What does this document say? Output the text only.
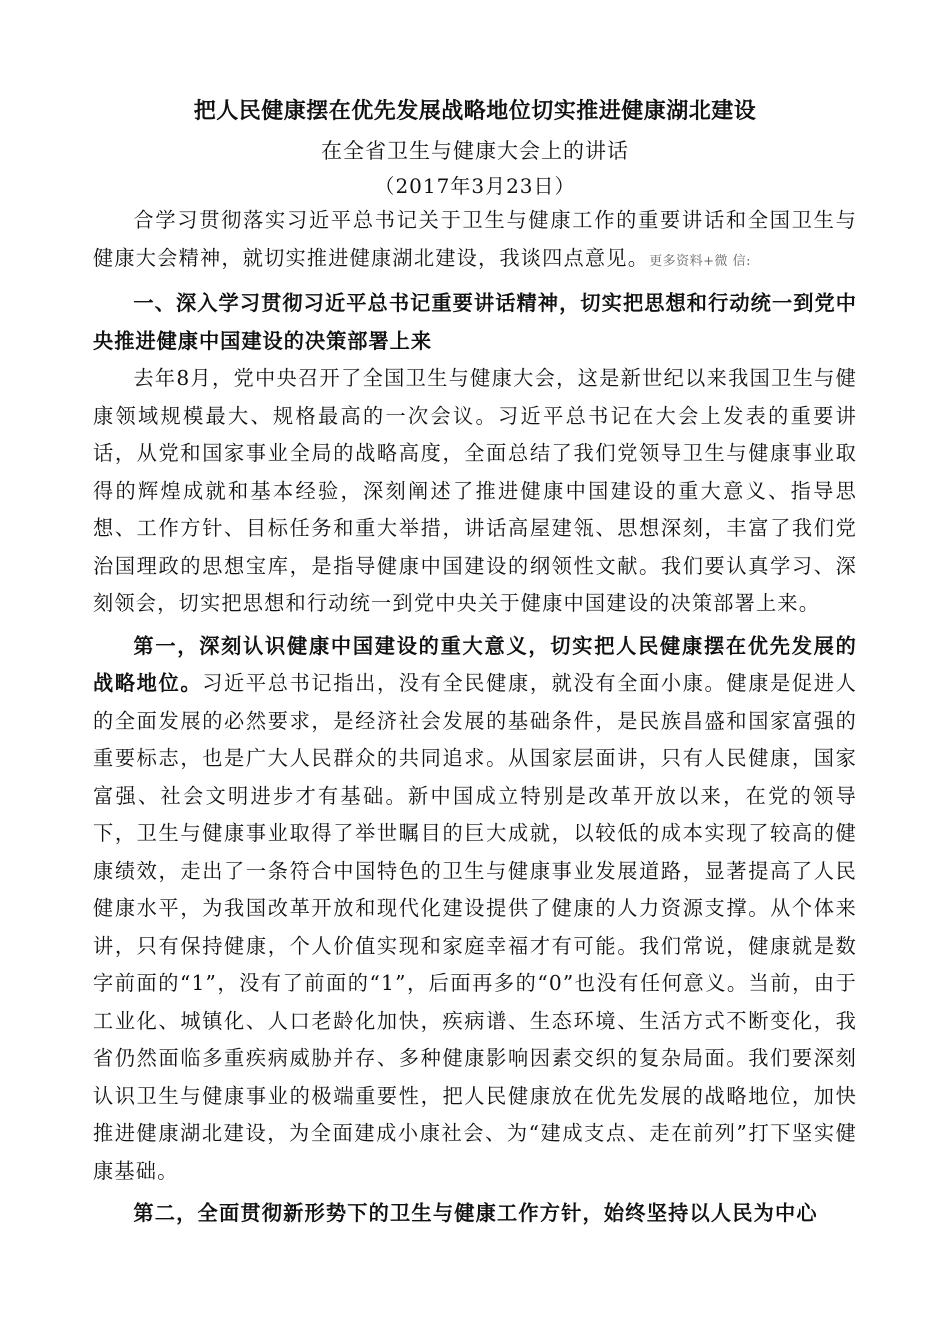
把人民健康摆在优先发展战略地位切实推进健康湖北建设
在全省卫生与健康大会上的讲话
（2017年3月23日）

合学习贯彻落实习近平总书记关于卫生与健康工作的重要讲话和全国卫生与健康大会精神，就切实推进健康湖北建设，我谈四点意见。更多资料+微 信:

一、深入学习贯彻习近平总书记重要讲话精神，切实把思想和行动统一到党中央推进健康中国建设的决策部署上来

去年8月，党中央召开了全国卫生与健康大会，这是新世纪以来我国卫生与健康领域规模最大、规格最高的一次会议。习近平总书记在大会上发表的重要讲话，从党和国家事业全局的战略高度，全面总结了我们党领导卫生与健康事业取得的辉煌成就和基本经验，深刻阐述了推进健康中国建设的重大意义、指导思想、工作方针、目标任务和重大举措，讲话高屋建瓴、思想深刻，丰富了我们党治国理政的思想宝库，是指导健康中国建设的纲领性文献。我们要认真学习、深刻领会，切实把思想和行动统一到党中央关于健康中国建设的决策部署上来。

第一，深刻认识健康中国建设的重大意义，切实把人民健康摆在优先发展的战略地位。习近平总书记指出，没有全民健康，就没有全面小康。健康是促进人的全面发展的必然要求，是经济社会发展的基础条件，是民族昌盛和国家富强的重要标志，也是广大人民群众的共同追求。从国家层面讲，只有人民健康，国家富强、社会文明进步才有基础。新中国成立特别是改革开放以来，在党的领导下，卫生与健康事业取得了举世瞩目的巨大成就，以较低的成本实现了较高的健康绩效，走出了一条符合中国特色的卫生与健康事业发展道路，显著提高了人民健康水平，为我国改革开放和现代化建设提供了健康的人力资源支撑。从个体来讲，只有保持健康，个人价值实现和家庭幸福才有可能。我们常说，健康就是数字前面的“1”，没有了前面的“1”，后面再多的“0”也没有任何意义。当前，由于工业化、城镇化、人口老龄化加快，疾病谱、生态环境、生活方式不断变化，我省仍然面临多重疾病威胁并存、多种健康影响因素交织的复杂局面。我们要深刻认识卫生与健康事业的极端重要性，把人民健康放在优先发展的战略地位，加快推进健康湖北建设，为全面建成小康社会、为“建成支点、走在前列”打下坚实健康基础。

第二，全面贯彻新形势下的卫生与健康工作方针，始终坚持以人民为中心
